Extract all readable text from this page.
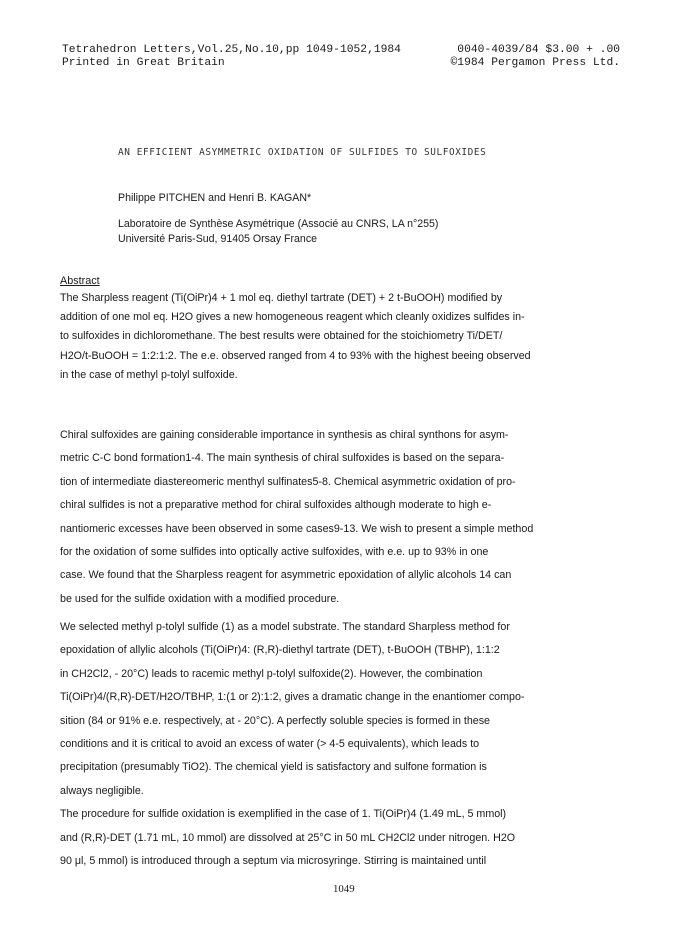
Tetrahedron Letters,Vol.25,No.10,pp 1049-1052,1984	0040-4039/84 $3.00 + .00
Printed in Great Britain	©1984 Pergamon Press Ltd.
AN EFFICIENT ASYMMETRIC OXIDATION OF SULFIDES TO SULFOXIDES
Philippe PITCHEN and Henri B. KAGAN*
Laboratoire de Synthèse Asymétrique (Associé au CNRS, LA n°255)
Université Paris-Sud, 91405 Orsay France
Abstract
The Sharpless reagent (Ti(OiPr)4 + 1 mol eq. diethyl tartrate (DET) + 2 t-BuOOH) modified by
addition of one mol eq. H2O gives a new homogeneous reagent which cleanly oxidizes sulfides in-
to sulfoxides in dichloromethane. The best results were obtained for the stoichiometry Ti/DET/
H2O/t-BuOOH = 1:2:1:2. The e.e. observed ranged from 4 to 93% with the highest beeing observed
in the case of methyl p-tolyl sulfoxide.
Chiral sulfoxides are gaining considerable importance in synthesis as chiral synthons for asym-
metric C-C bond formation1-4. The main synthesis of chiral sulfoxides is based on the separa-
tion of intermediate diastereomeric menthyl sulfinates5-8. Chemical asymmetric oxidation of pro-
chiral sulfides is not a preparative method for chiral sulfoxides although moderate to high e-
nantiomeric excesses have been observed in some cases9-13. We wish to present a simple method
for the oxidation of some sulfides into optically active sulfoxides, with e.e. up to 93% in one
case. We found that the Sharpless reagent for asymmetric epoxidation of allylic alcohols 14 can
be used for the sulfide oxidation with a modified procedure.
We selected methyl p-tolyl sulfide (1) as a model substrate. The standard Sharpless method for
epoxidation of allylic alcohols (Ti(OiPr)4: (R,R)-diethyl tartrate (DET), t-BuOOH (TBHP), 1:1:2
in CH2Cl2, - 20°C) leads to racemic methyl p-tolyl sulfoxide(2). However, the combination
Ti(OiPr)4/(R,R)-DET/H2O/TBHP, 1:(1 or 2):1:2, gives a dramatic change in the enantiomer compo-
sition (84 or 91% e.e. respectively, at - 20°C). A perfectly soluble species is formed in these
conditions and it is critical to avoid an excess of water (> 4-5 equivalents), which leads to
precipitation (presumably TiO2). The chemical yield is satisfactory and sulfone formation is
always negligible.
The procedure for sulfide oxidation is exemplified in the case of 1. Ti(OiPr)4 (1.49 mL, 5 mmol)
and (R,R)-DET (1.71 mL, 10 mmol) are dissolved at 25°C in 50 mL CH2Cl2 under nitrogen. H2O
90 μl, 5 mmol) is introduced through a septum via microsyringe. Stirring is maintained until
1049
